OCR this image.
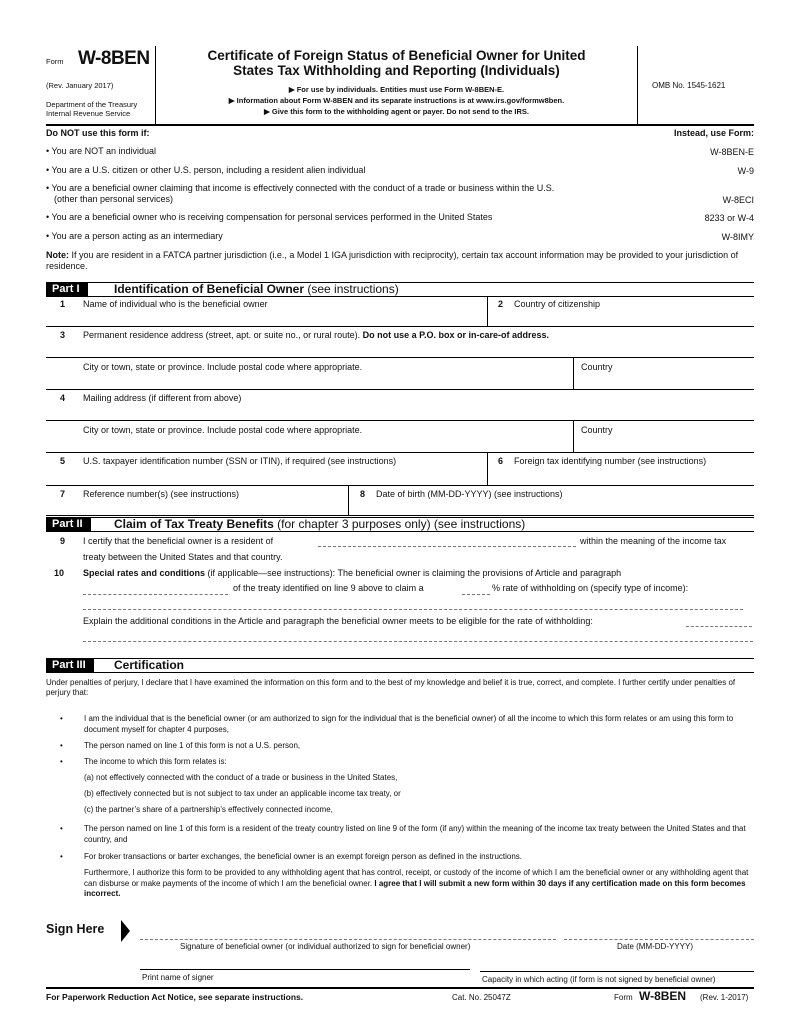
Form W-8BEN
(Rev. January 2017)
Department of the Treasury
Internal Revenue Service
Certificate of Foreign Status of Beneficial Owner for United
States Tax Withholding and Reporting (Individuals)
▶ For use by individuals. Entities must use Form W-8BEN-E.
▶ Information about Form W-8BEN and its separate instructions is at www.irs.gov/formw8ben.
▶ Give this form to the withholding agent or payer. Do not send to the IRS.
OMB No. 1545-1621
Do NOT use this form if:	Instead, use Form:
• You are NOT an individual	W-8BEN-E
• You are a U.S. citizen or other U.S. person, including a resident alien individual	W-9
• You are a beneficial owner claiming that income is effectively connected with the conduct of a trade or business within the U.S.
(other than personal services)	W-8ECI
• You are a beneficial owner who is receiving compensation for personal services performed in the United States	8233 or W-4
• You are a person acting as an intermediary	W-8IMY
Note: If you are resident in a FATCA partner jurisdiction (i.e., a Model 1 IGA jurisdiction with reciprocity), certain tax account information may be provided to your jurisdiction of residence.
Part I	Identification of Beneficial Owner (see instructions)
1 Name of individual who is the beneficial owner	2 Country of citizenship
3 Permanent residence address (street, apt. or suite no., or rural route). Do not use a P.O. box or in-care-of address.
City or town, state or province. Include postal code where appropriate.	Country
4 Mailing address (if different from above)
City or town, state or province. Include postal code where appropriate.	Country
5 U.S. taxpayer identification number (SSN or ITIN), if required (see instructions)	6 Foreign tax identifying number (see instructions)
7 Reference number(s) (see instructions)	8 Date of birth (MM-DD-YYYY) (see instructions)
Part II	Claim of Tax Treaty Benefits (for chapter 3 purposes only) (see instructions)
9 I certify that the beneficial owner is a resident of	within the meaning of the income tax
treaty between the United States and that country.
10 Special rates and conditions (if applicable—see instructions): The beneficial owner is claiming the provisions of Article and paragraph
of the treaty identified on line 9 above to claim a	% rate of withholding on (specify type of income):
Explain the additional conditions in the Article and paragraph the beneficial owner meets to be eligible for the rate of withholding:
Part III	Certification
Under penalties of perjury, I declare that I have examined the information on this form and to the best of my knowledge and belief it is true, correct, and complete. I further certify under penalties of perjury that:
•	I am the individual that is the beneficial owner (or am authorized to sign for the individual that is the beneficial owner) of all the income to which this form relates or am using this form to document myself for chapter 4 purposes,
•	The person named on line 1 of this form is not a U.S. person,
•	The income to which this form relates is:
(a) not effectively connected with the conduct of a trade or business in the United States,
(b) effectively connected but is not subject to tax under an applicable income tax treaty, or
(c) the partner’s share of a partnership’s effectively connected income,
•	The person named on line 1 of this form is a resident of the treaty country listed on line 9 of the form (if any) within the meaning of the income tax treaty between the United States and that country, and
•	For broker transactions or barter exchanges, the beneficial owner is an exempt foreign person as defined in the instructions.
Furthermore, I authorize this form to be provided to any withholding agent that has control, receipt, or custody of the income of which I am the beneficial owner or any withholding agent that can disburse or make payments of the income of which I am the beneficial owner. I agree that I will submit a new form within 30 days if any certification made on this form becomes incorrect.
Sign Here
Signature of beneficial owner (or individual authorized to sign for beneficial owner)	Date (MM-DD-YYYY)
Print name of signer	Capacity in which acting (if form is not signed by beneficial owner)
For Paperwork Reduction Act Notice, see separate instructions.	Cat. No. 25047Z	Form W-8BEN (Rev. 1-2017)
